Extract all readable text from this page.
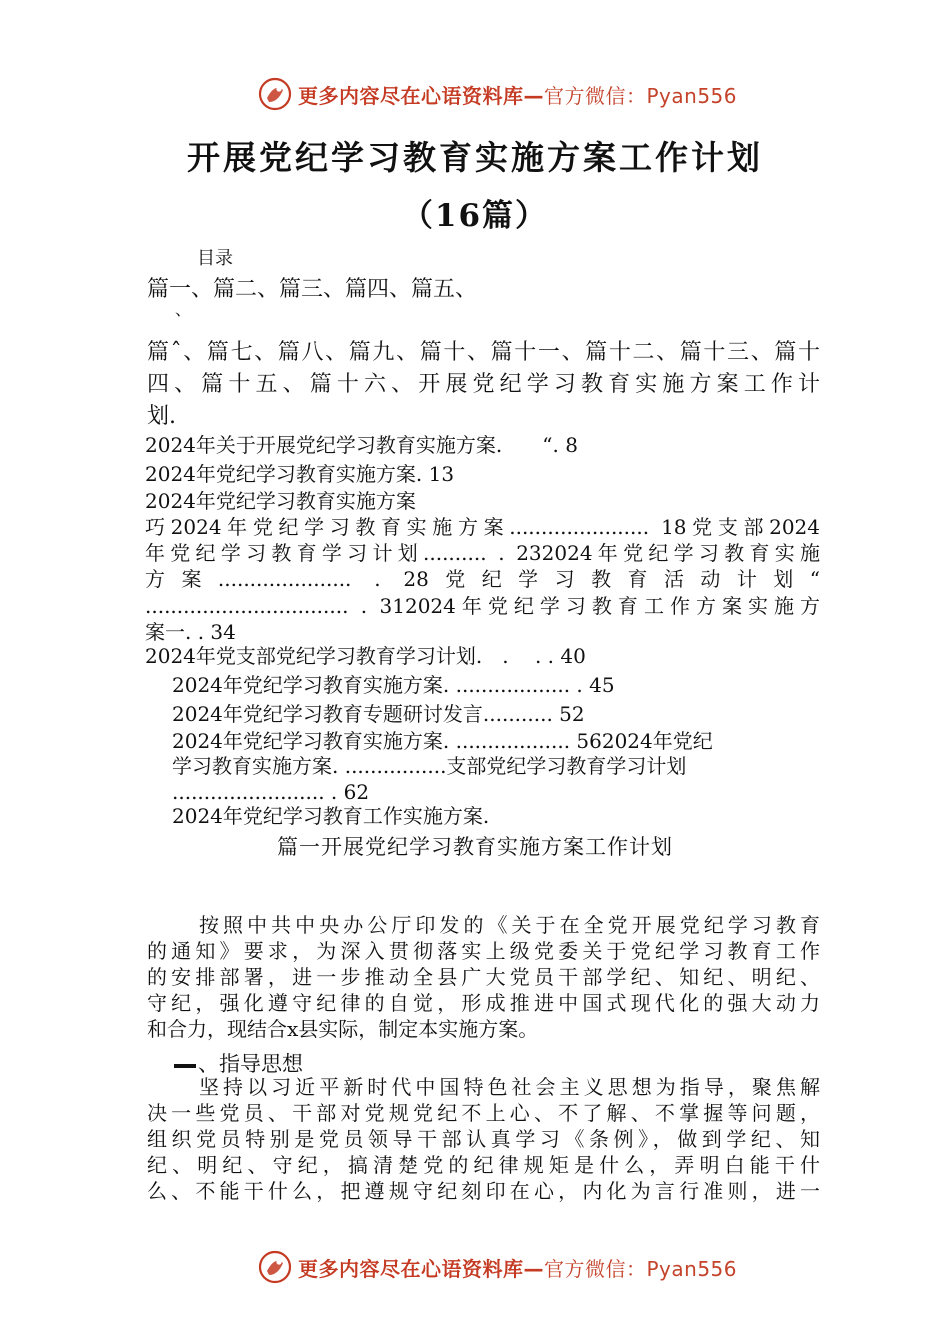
更多内容尽在心语资料库—官方微信：Pyan556
开展党纪学习教育实施方案工作计划
（16篇）
目录
篇一、篇二、篇三、篇四、篇五、
、
篇ˆ、篇七、篇八、篇九、篇十、篇十一、篇十二、篇十三、篇十
四、篇十五、篇十六、开展党纪学习教育实施方案工作计
划.
2024年关于开展党纪学习教育实施方案.　　“. 8
2024年党纪学习教育实施方案. 13
2024年党纪学习教育实施方案
巧2024年党纪学习教育实施方案...................... 18党支部2024
年党纪学习教育学习计划.......... . 232024年党纪学习教育实施
方案..................... . 28党纪学习教育活动计划“
................................ . 312024年党纪学习教育工作方案实施方
案一. . 34
2024年党支部党纪学习教育学习计划.　.　 . . 40
2024年党纪学习教育实施方案. .................. . 45
2024年党纪学习教育专题研讨发言........... 52
2024年党纪学习教育实施方案. .................. 562024年党纪
学习教育实施方案. ................支部党纪学习教育学习计划
........................ . 62
2024年党纪学习教育工作实施方案.
篇一开展党纪学习教育实施方案工作计划
按照中共中央办公厅印发的《关于在全党开展党纪学习教育
的通知》要求，为深入贯彻落实上级党委关于党纪学习教育工作
的安排部署，进一步推动全县广大党员干部学纪、知纪、明纪、
守纪，强化遵守纪律的自觉，形成推进中国式现代化的强大动力
和合力，现结合x县实际，制定本实施方案。
、指导思想
坚持以习近平新时代中国特色社会主义思想为指导，聚焦解
决一些党员、干部对党规党纪不上心、不了解、不掌握等问题，
组织党员特别是党员领导干部认真学习《条例》，做到学纪、知
纪、明纪、守纪，搞清楚党的纪律规矩是什么，弄明白能干什
么、不能干什么，把遵规守纪刻印在心，内化为言行准则，进一
更多内容尽在心语资料库—官方微信：Pyan556
